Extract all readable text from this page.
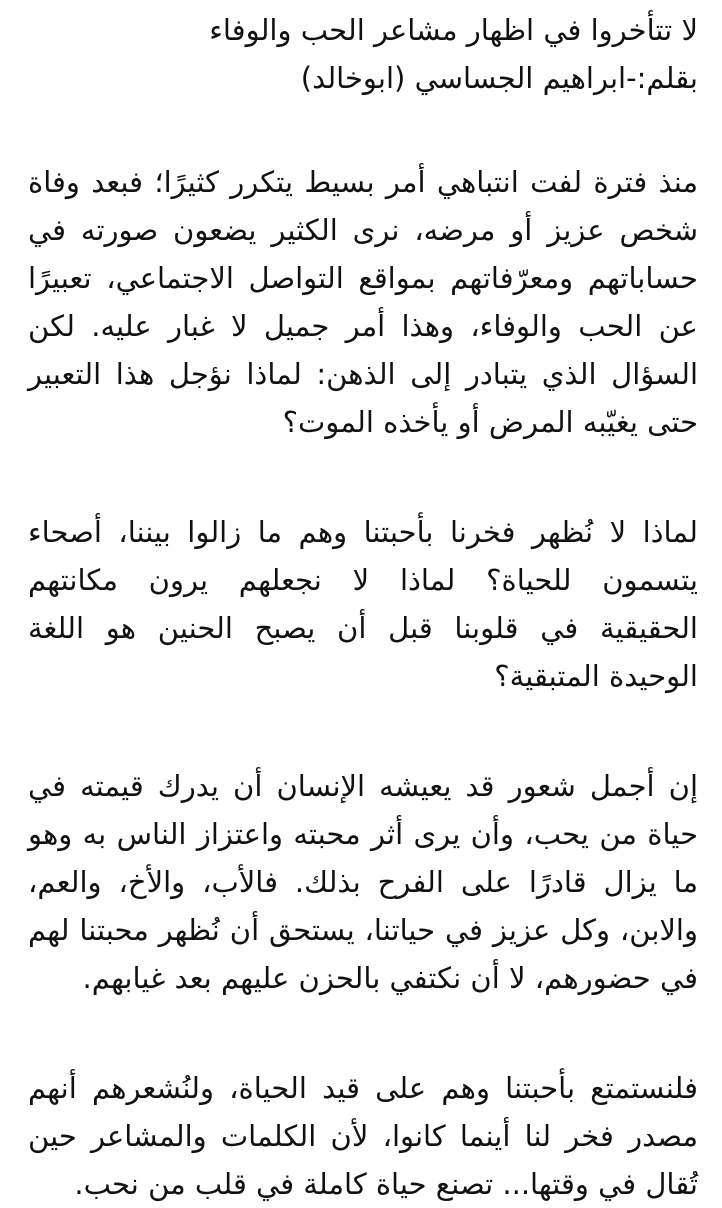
لا تتأخروا في اظهار مشاعر الحب والوفاء
بقلم:-ابراهيم الجساسي (ابوخالد)
منذ فترة لفت انتباهي أمر بسيط يتكرر كثيرًا؛ فبعد وفاة
شخص عزيز أو مرضه، نرى الكثير يضعون صورته في
حساباتهم ومعرّفاتهم بمواقع التواصل الاجتماعي، تعبيرًا
عن الحب والوفاء، وهذا أمر جميل لا غبار عليه. لكن
السؤال الذي يتبادر إلى الذهن: لماذا نؤجل هذا التعبير
حتى يغيّبه المرض أو يأخذه الموت؟
لماذا لا نُظهر فخرنا بأحبتنا وهم ما زالوا بيننا، أصحاء
يتسمون للحياة؟ لماذا لا نجعلهم يرون مكانتهم
الحقيقية في قلوبنا قبل أن يصبح الحنين هو اللغة
الوحيدة المتبقية؟
إن أجمل شعور قد يعيشه الإنسان أن يدرك قيمته في
حياة من يحب، وأن يرى أثر محبته واعتزاز الناس به وهو
ما يزال قادرًا على الفرح بذلك. فالأب، والأخ، والعم،
والابن، وكل عزيز في حياتنا، يستحق أن نُظهر محبتنا لهم
في حضورهم، لا أن نكتفي بالحزن عليهم بعد غيابهم.
فلنستمتع بأحبتنا وهم على قيد الحياة، ولنُشعرهم أنهم
مصدر فخر لنا أينما كانوا، لأن الكلمات والمشاعر حين
تُقال في وقتها... تصنع حياة كاملة في قلب من نحب.
